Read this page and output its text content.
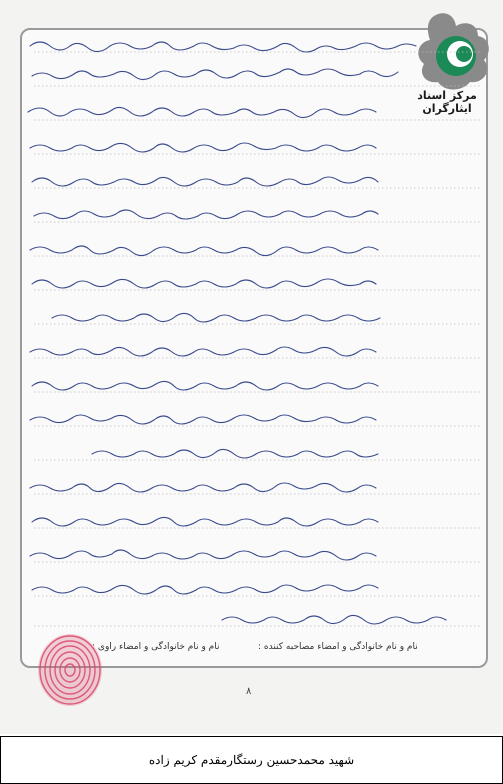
مرکز اسناد ایثارگران
نام و نام خانوادگی و امضاء مصاحبه کننده :
نام و نام خانوادگی و امضاء راوی :
۸
شهید محمدحسین رستگارمقدم کریم زاده
